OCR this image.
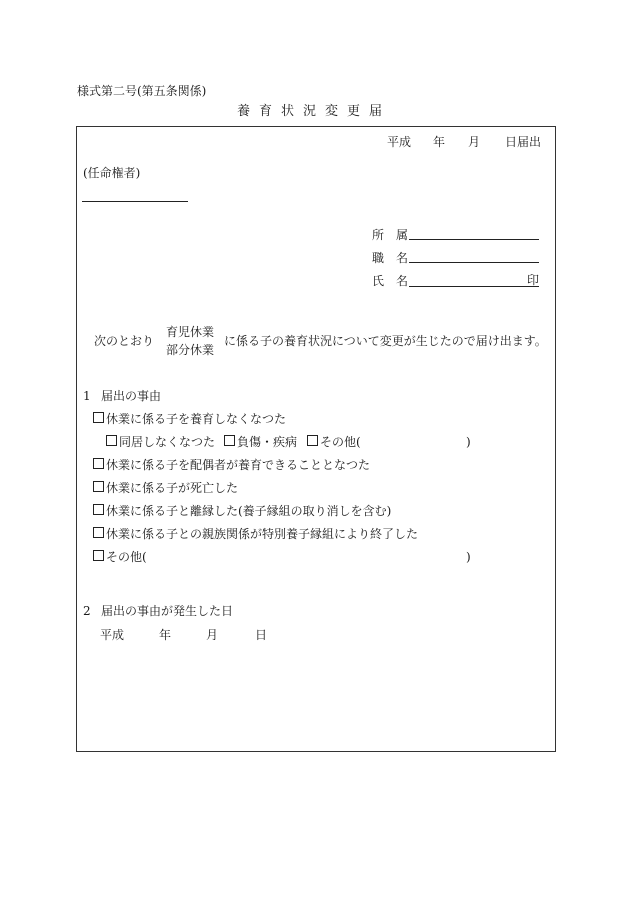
様式第二号(第五条関係)
養育状況変更届
平成 年 月 日届出
(任命権者)
所属
職名
氏名	印
次のとおり
育児休業
部分休業
に係る子の養育状況について変更が生じたので届け出ます。
1 届出の事由
休業に係る子を養育しなくなつた
同居しなくなつた	負傷・疾病	その他(	)
休業に係る子を配偶者が養育できることとなつた
休業に係る子が死亡した
休業に係る子と離縁した(養子縁組の取り消しを含む)
休業に係る子との親族関係が特別養子縁組により終了した
その他(	)
2 届出の事由が発生した日
平成	年	月	日
